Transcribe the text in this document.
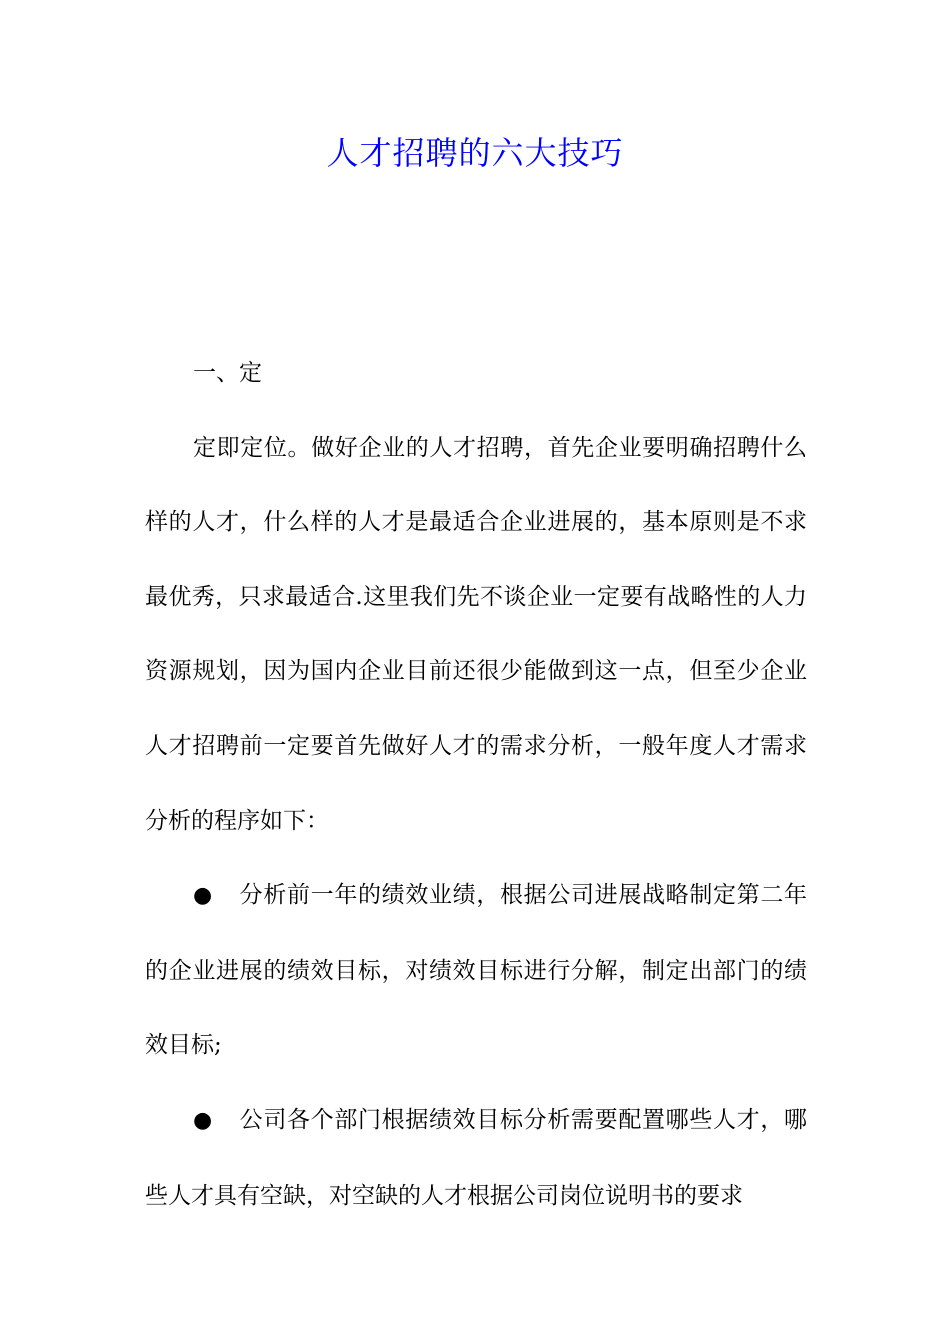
人才招聘的六大技巧

一、定

定即定位。做好企业的人才招聘，首先企业要明确招聘什么样的人才，什么样的人才是最适合企业进展的，基本原则是不求最优秀，只求最适合.这里我们先不谈企业一定要有战略性的人力资源规划，因为国内企业目前还很少能做到这一点，但至少企业人才招聘前一定要首先做好人才的需求分析，一般年度人才需求分析的程序如下：

● 分析前一年的绩效业绩，根据公司进展战略制定第二年的企业进展的绩效目标，对绩效目标进行分解，制定出部门的绩效目标;

● 公司各个部门根据绩效目标分析需要配置哪些人才，哪些人才具有空缺，对空缺的人才根据公司岗位说明书的要求
